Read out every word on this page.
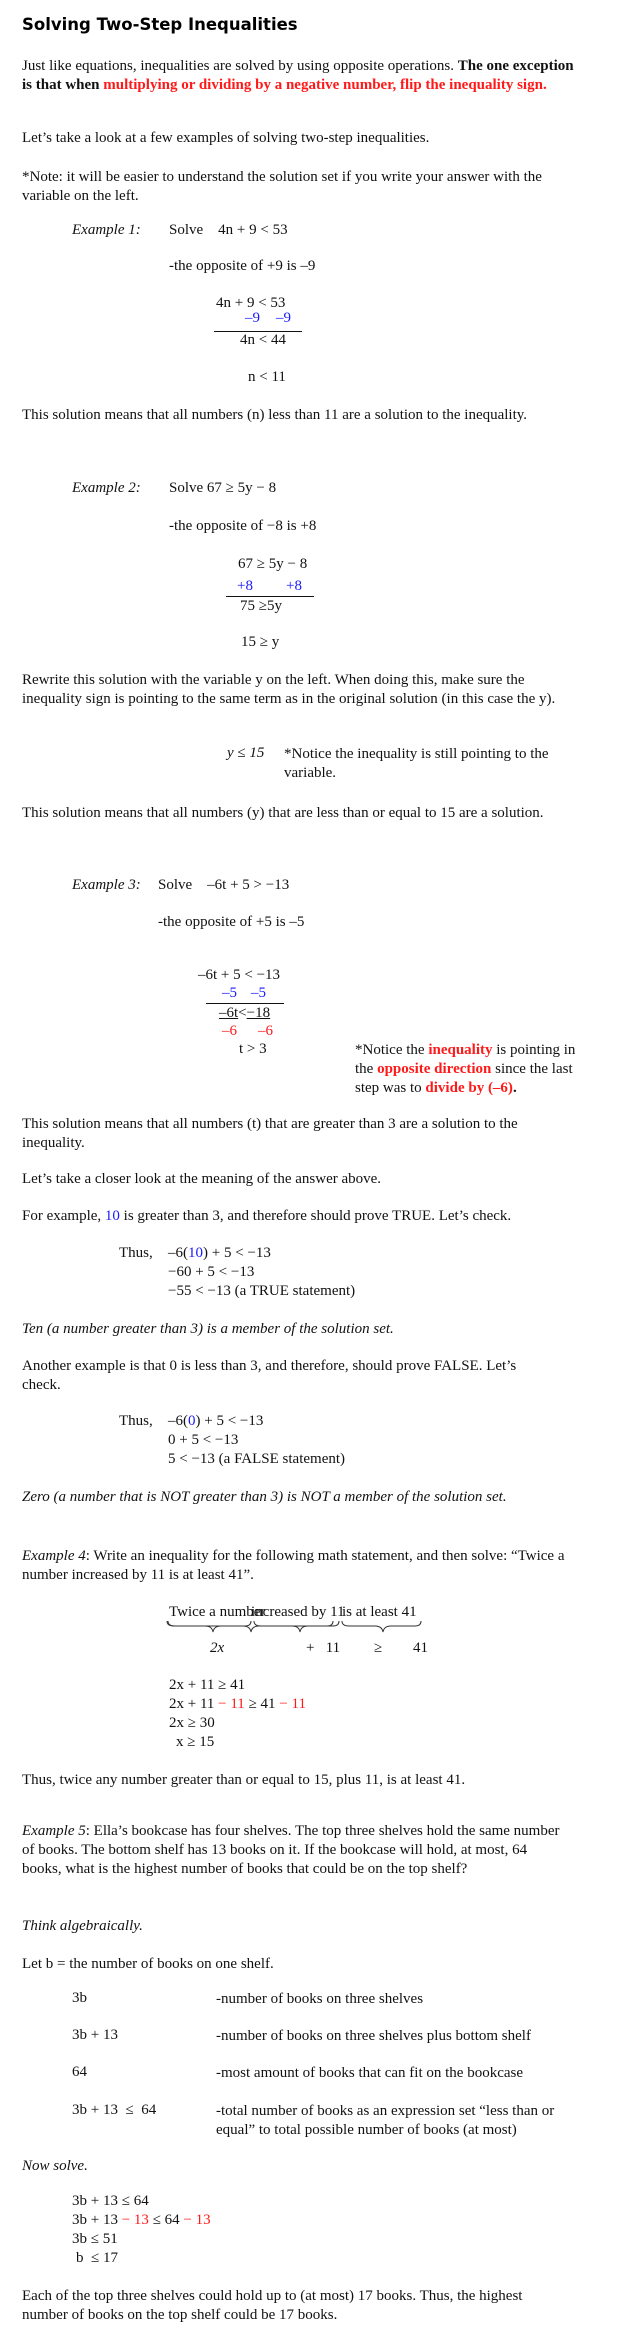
Solving Two-Step Inequalities
Just like equations, inequalities are solved by using opposite operations. The one exception is that when multiplying or dividing by a negative number, flip the inequality sign.
Let’s take a look at a few examples of solving two-step inequalities.
*Note: it will be easier to understand the solution set if you write your answer with the variable on the left.
Example 1: Solve 4n + 9 < 53
-the opposite of +9 is –9
4n + 9 < 53
–9 –9
4n < 44
n < 11
This solution means that all numbers (n) less than 11 are a solution to the inequality.
Example 2: Solve 67 ≥ 5y − 8
-the opposite of −8 is +8
67 ≥ 5y − 8
+8 +8
75 ≥5y
15 ≥ y
Rewrite this solution with the variable y on the left. When doing this, make sure the inequality sign is pointing to the same term as in the original solution (in this case the y).
y ≤ 15 *Notice the inequality is still pointing to the variable.
This solution means that all numbers (y) that are less than or equal to 15 are a solution.
Example 3: Solve –6t + 5 > −13
-the opposite of +5 is –5
–6t + 5 < −13
–5 –5
–6t<−18
–6 –6
t > 3	*Notice the inequality is pointing in the opposite direction since the last step was to divide by (–6).
This solution means that all numbers (t) that are greater than 3 are a solution to the inequality.
Let’s take a closer look at the meaning of the answer above.
For example, 10 is greater than 3, and therefore should prove TRUE. Let’s check.
Thus, –6(10) + 5 < −13
−60 + 5 < −13
−55 < −13 (a TRUE statement)
Ten (a number greater than 3) is a member of the solution set.
Another example is that 0 is less than 3, and therefore, should prove FALSE. Let’s check.
Thus, –6(0) + 5 < −13
0 + 5 < −13
5 < −13 (a FALSE statement)
Zero (a number that is NOT greater than 3) is NOT a member of the solution set.
Example 4: Write an inequality for the following math statement, and then solve: “Twice a number increased by 11 is at least 41”.
Twice a number
increased by 11
is at least 41
2x	+   11 ≥ 41
2x + 11 ≥ 41
2x + 11 − 11 ≥ 41 − 11
2x ≥ 30
x ≥ 15
Thus, twice any number greater than or equal to 15, plus 11, is at least 41.
Example 5: Ella’s bookcase has four shelves. The top three shelves hold the same number of books. The bottom shelf has 13 books on it. If the bookcase will hold, at most, 64 books, what is the highest number of books that could be on the top shelf?
Think algebraically.
Let b = the number of books on one shelf.
3b	-number of books on three shelves
3b + 13	-number of books on three shelves plus bottom shelf
64	-most amount of books that can fit on the bookcase
3b + 13  ≤  64	-total number of books as an expression set “less than or equal” to total possible number of books (at most)
Now solve.
3b + 13 ≤ 64
3b + 13 − 13 ≤ 64 − 13
3b ≤ 51
b  ≤ 17
Each of the top three shelves could hold up to (at most) 17 books. Thus, the highest number of books on the top shelf could be 17 books.
